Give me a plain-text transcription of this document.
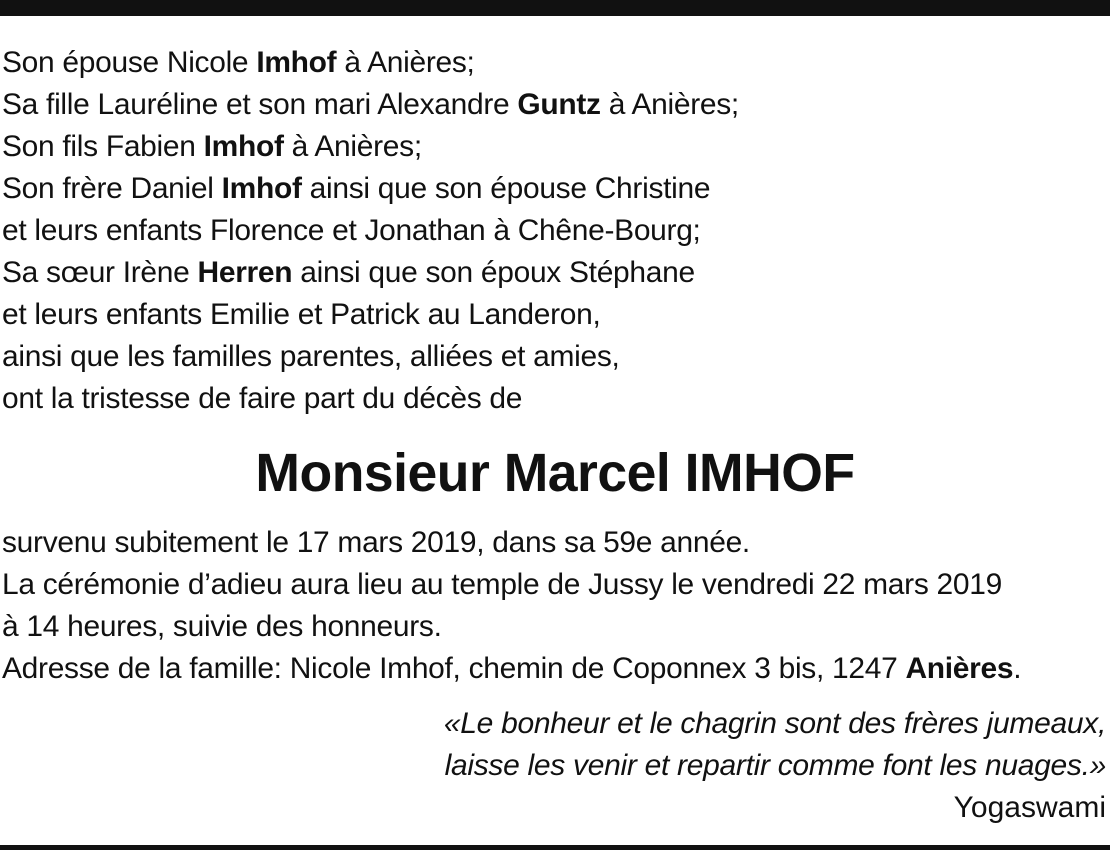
Son épouse Nicole Imhof à Anières;
Sa fille Lauréline et son mari Alexandre Guntz à Anières;
Son fils Fabien Imhof à Anières;
Son frère Daniel Imhof ainsi que son épouse Christine
et leurs enfants Florence et Jonathan à Chêne-Bourg;
Sa sœur Irène Herren ainsi que son époux Stéphane
et leurs enfants Emilie et Patrick au Landeron,
ainsi que les familles parentes, alliées et amies,
ont la tristesse de faire part du décès de
Monsieur Marcel IMHOF
survenu subitement le 17 mars 2019, dans sa 59e année.
La cérémonie d’adieu aura lieu au temple de Jussy le vendredi 22 mars 2019
à 14 heures, suivie des honneurs.
Adresse de la famille: Nicole Imhof, chemin de Coponnex 3 bis, 1247 Anières.
«Le bonheur et le chagrin sont des frères jumeaux,
laisse les venir et repartir comme font les nuages.»
Yogaswami
